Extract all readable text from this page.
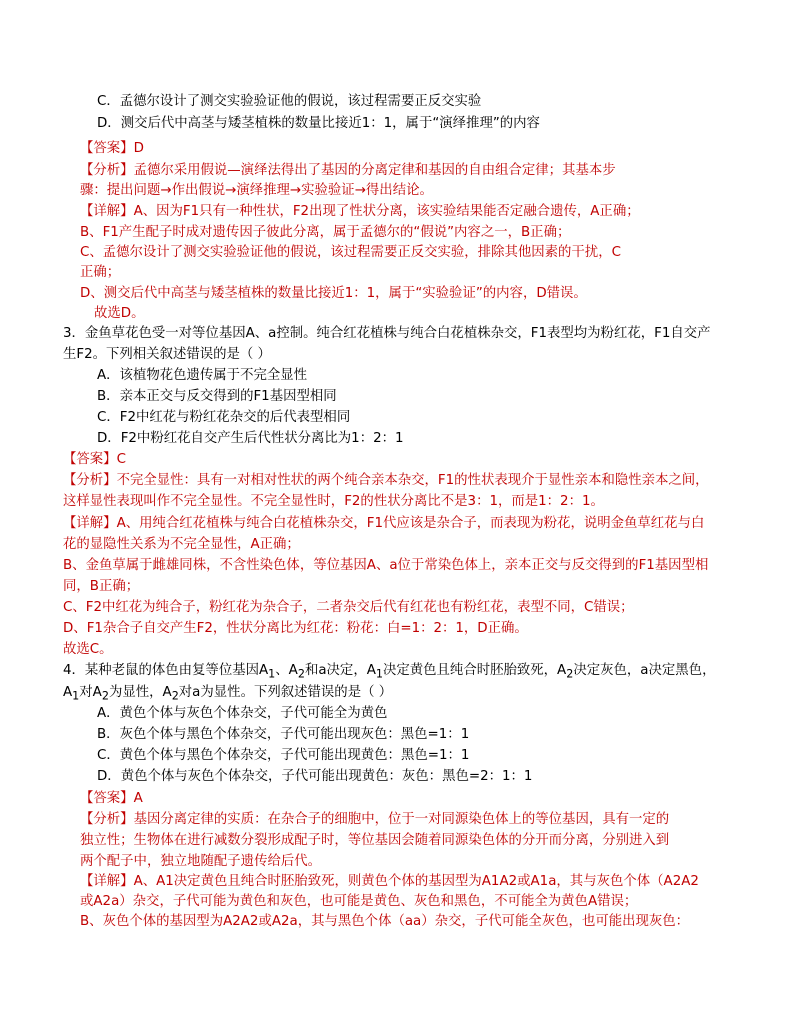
C．孟德尔设计了测交实验验证他的假说，该过程需要正反交实验
D．测交后代中高茎与矮茎植株的数量比接近1：1，属于“演绎推理”的内容
【答案】D
【分析】孟德尔采用假说—演绎法得出了基因的分离定律和基因的自由组合定律；其基本步
骤：提出问题→作出假说→演绎推理→实验验证→得出结论。
【详解】A、因为F1只有一种性状，F2出现了性状分离，该实验结果能否定融合遗传，A正确；
B、F1产生配子时成对遗传因子彼此分离，属于孟德尔的“假说”内容之一，B正确；
C、孟德尔设计了测交实验验证他的假说，该过程需要正反交实验，排除其他因素的干扰，C
正确；
D、测交后代中高茎与矮茎植株的数量比接近1：1，属于“实验验证”的内容，D错误。
故选D。
3．金鱼草花色受一对等位基因A、a控制。纯合红花植株与纯合白花植株杂交，F1表型均为粉红花，F1自交产
生F2。下列相关叙述错误的是（ ）
A．该植物花色遗传属于不完全显性
B．亲本正交与反交得到的F1基因型相同
C．F2中红花与粉红花杂交的后代表型相同
D．F2中粉红花自交产生后代性状分离比为1：2：1
【答案】C
【分析】不完全显性：具有一对相对性状的两个纯合亲本杂交，F1的性状表现介于显性亲本和隐性亲本之间，
这样显性表现叫作不完全显性。不完全显性时，F2的性状分离比不是3：1，而是1：2：1。
【详解】A、用纯合红花植株与纯合白花植株杂交，F1代应该是杂合子，而表现为粉花，说明金鱼草红花与白
花的显隐性关系为不完全显性，A正确；
B、金鱼草属于雌雄同株，不含性染色体，等位基因A、a位于常染色体上，亲本正交与反交得到的F1基因型相
同，B正确；
C、F2中红花为纯合子，粉红花为杂合子，二者杂交后代有红花也有粉红花，表型不同，C错误；
D、F1杂合子自交产生F2，性状分离比为红花：粉花：白=1：2：1，D正确。
故选C。
4．某种老鼠的体色由复等位基因$A_1$、$A_2$和a决定，$A_1$决定黄色且纯合时胚胎致死，$A_2$决定灰色，a决定黑色，
$A_1$对$A_2$为显性，$A_2$对a为显性。下列叙述错误的是（ ）
A．黄色个体与灰色个体杂交，子代可能全为黄色
B．灰色个体与黑色个体杂交，子代可能出现灰色：黑色=1：1
C．黄色个体与黑色个体杂交，子代可能出现黄色：黑色=1：1
D．黄色个体与灰色个体杂交，子代可能出现黄色：灰色：黑色=2：1：1
【答案】A
【分析】基因分离定律的实质：在杂合子的细胞中，位于一对同源染色体上的等位基因，具有一定的
独立性；生物体在进行减数分裂形成配子时，等位基因会随着同源染色体的分开而分离，分别进入到
两个配子中，独立地随配子遗传给后代。
【详解】A、A1决定黄色且纯合时胚胎致死，则黄色个体的基因型为A1A2或A1a，其与灰色个体（A2A2
或A2a）杂交，子代可能为黄色和灰色，也可能是黄色、灰色和黑色，不可能全为黄色A错误；
B、灰色个体的基因型为A2A2或A2a，其与黑色个体（aa）杂交，子代可能全灰色，也可能出现灰色：
